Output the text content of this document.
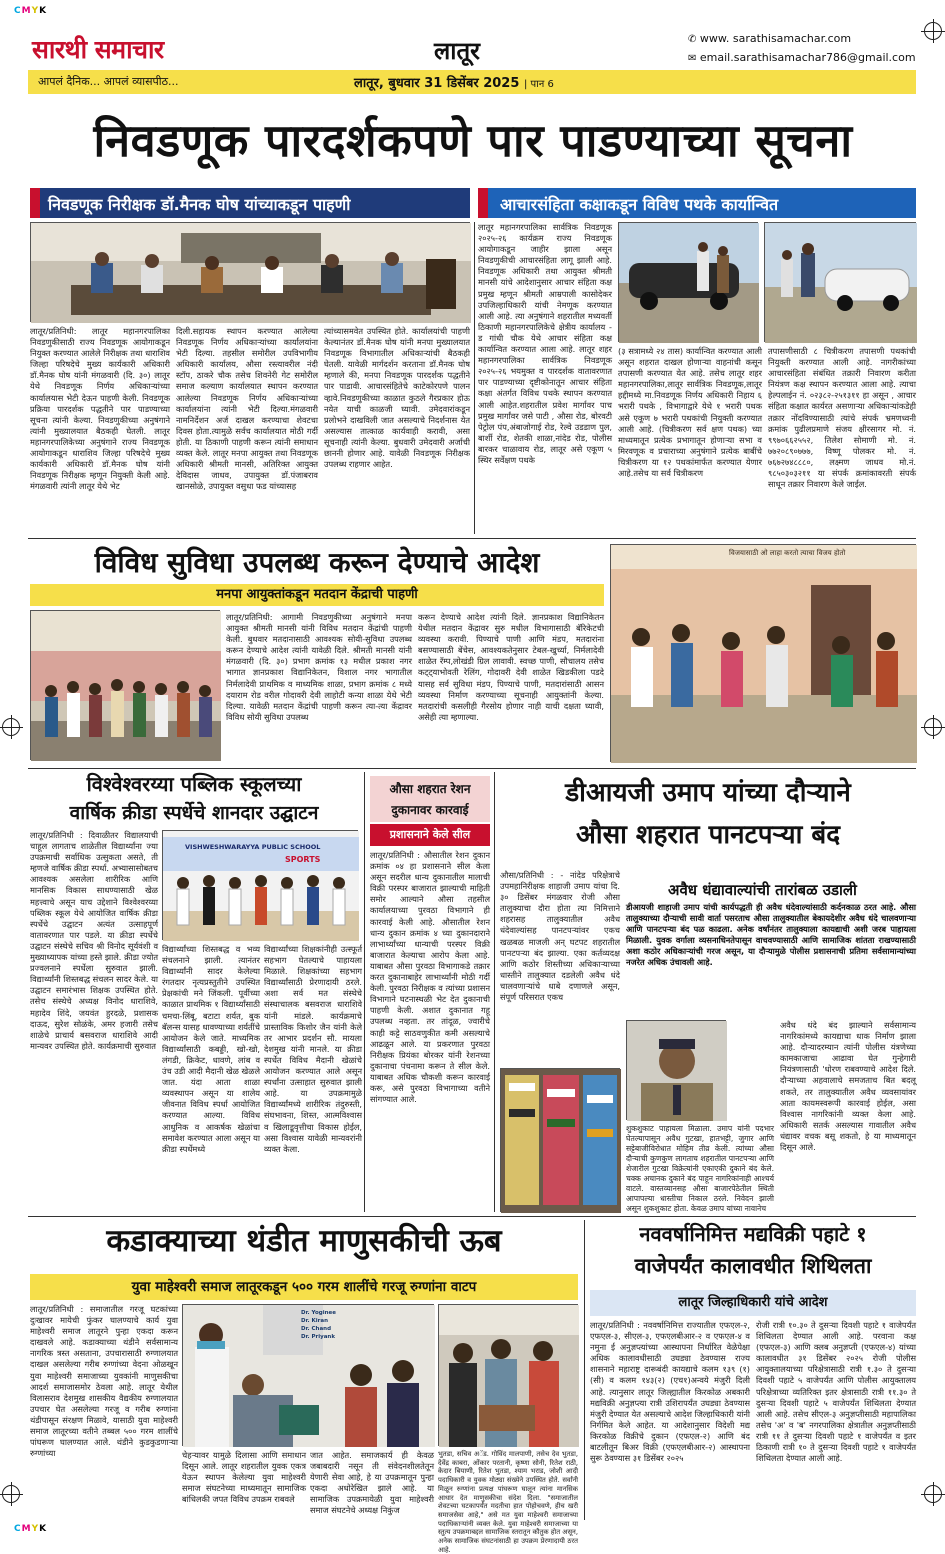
CMYK
CMYK
सारथी समाचार	लातूर	✆ www. sarathisamachar.com
✉ email.sarathisamachar786@gmail.com
आपलं दैनिक... आपलं व्यासपीठ...	लातूर, बुधवार 31 डिसेंबर 2025 | पान 6
निवडणूक पारदर्शकपणे पार पाडण्याच्या सूचना
निवडणूक निरीक्षक डॉ.मैनक घोष यांच्याकडून पाहणी	आचारसंहिता कक्षाकडून विविध पथके कार्यान्वित
लातूर/प्रतिनिधी: लातूर महानगरपालिका निवडणुकीसाठी राज्य निवडणूक आयोगाकडून नियुक्त करण्यात आलेले निरीक्षक तथा धाराशिव जिल्हा परिषदेचे मुख्य कार्यकारी अधिकारी डॉ.मैनक घोष यांनी मंगळवारी (दि. ३०) लातूर येथे निवडणूक निर्णय अधिकाऱ्यांच्या कार्यालयास भेटी देऊन पाहणी केली. निवडणूक प्रक्रिया पारदर्शक पद्धतीने पार पाडण्याच्या सूचना त्यांनी केल्या. निवडणुकीच्या अनुषंगाने त्यांनी मुख्यालयात बैठकही घेतली. लातूर महानगरपालिकेच्या अनुषंगाने राज्य निवडणूक आयोगाकडून धाराशिव जिल्हा परिषदेचे मुख्य कार्यकारी अधिकारी डॉ.मैनक घोष यांनी निवडणूक निरीक्षक म्हणून नियुक्ती केली आहे. मंगळवारी त्यांनी लातूर येथे भेट
दिली.सहायक स्थापन करण्यात आलेल्या निवडणूक निर्णय अधिकाऱ्यांच्या कार्यालयांना भेटी दिल्या. तहसील समोरील उपविभागीय अधिकारी कार्यालय, औसा रस्त्यावरील नंदी स्टॉप, ठाकरे चौक तसेच शिवनेरी गेट समोरील समाज कल्याण कार्यालयात स्थापन करण्यात आलेल्या निवडणूक निर्णय अधिकाऱ्यांच्या कार्यालयांना त्यांनी भेटी दिल्या.मंगळवारी नामनिर्देशन अर्ज दाखल करण्याचा शेवटचा दिवस होता.त्यामुळे सर्वच कार्यालयात मोठी गर्दी होती. या ठिकाणी पाहणी करून त्यांनी समाधान व्यक्त केले. लातूर मनपा आयुक्त तथा निवडणूक अधिकारी श्रीमती मानसी, अतिरिक्त आयुक्त देविदास जाधव, उपायुक्त डॉ.पंजाबराव खानसोळे, उपायुक्त वसुधा फड यांच्यासह
त्यांच्यासमवेत उपस्थित होते. कार्यालयांची पाहणी केल्यानंतर डॉ.मैनक घोष यांनी मनपा मुख्यालयात निवडणूक विभागातील अधिकाऱ्यांची बैठकही घेतली. यावेळी मार्गदर्शन करताना डॉ.मैनक घोष म्हणाले की, मनपा निवडणूक पारदर्शक पद्धतीने पार पाडावी. आचारसंहितेचे काटेकोरपणे पालन व्हावे.निवडणुकीच्या काळात कुठले गैरप्रकार होऊ नयेत याची काळजी घ्यावी. उमेदवारांकडून प्रलोभने दाखविली जात असल्याचे निदर्शनास येत असल्यास तात्काळ कार्यवाही करावी, असा सूचनाही त्यांनी केल्या. बुधवारी उमेदवारी अर्जाची छाननी होणार आहे. यावेळी निवडणूक निरीक्षक उपलब्ध राहणार आहेत.
लातूर महानगरपालिका सार्वत्रिक निवडणूक २०२५-२६ कार्यक्रम राज्य निवडणूक आयोगाकडून जाहीर झाला असून निवडणुकीची आचारसंहिता लागू झाली आहे. निवडणूक अधिकारी तथा आयुक्त श्रीमती मानसी यांचे आदेशानुसार आचार संहिता कक्ष प्रमुख म्हणून श्रीमती आम्रपाली कासोदेकर उपजिल्हाधिकारी यांची नेमणूक करण्यात आली आहे. त्या अनुषंगाने शहरातील मध्यवर्ती ठिकाणी महानगरपालिकेचे क्षेत्रीय कार्यालय - ड गांधी चौक येथे आचार संहिता कक्ष कार्यान्वित करण्यात आला आहे. लातूर शहर महानगरपालिका सार्वत्रिक निवडणूक २०२५-२६ भयमुक्त व पारदर्शक वातावरणात पार पाडण्याच्या दृष्टीकोनातून आचार संहिता कक्षा अंतर्गत विविध पथके स्थापन करण्यात आली आहेत.शहरातील प्रवेश मार्गावर पाच प्रमुख मार्गांवर जसे पाटी , औसा रोड, बोरवटी पेट्रोल पंप,अंबाजोगाई रोड, रेल्वे उडडाण पुल, बार्शी रोड, शेतकी शाळा,नांदेड रोड, पोलीस बारकर चाळावाय रोड, लातूर असे एकूण ५ स्थिर सर्वेक्षण पथके
(३ सत्रामध्ये २४ तास) कार्यान्वित करण्यात आली असून शहरात दाखल होणाऱ्या वाहनांची कसून तपासणी करण्यात येत आहे. तसेच लातूर शहर महानगरपालिका,लातूर सार्वत्रिक निवडणूक,लातूर हद्दीमध्ये मा.निवडणूक निर्णय अधिकारी निहाय ६ भरारी पथके , विभागाद्वारे येथे १ भरारी पथक असे एकूण ७ भरारी पथकांची नियुक्ती करण्यात आली आहे. (चित्रीकरण सर्व क्षण पथक) च्या माध्यमातून प्रत्येक प्रभागातून होणाऱ्या सभा व मिरवणूक व प्रचाराच्या अनुषंगाने प्रत्येक बाबींचे चित्रीकरण या १२ पथकांमार्फत करण्यात येणार आहे.तसेच या सर्व चित्रीकरण
तपासणीसाठी ८ चित्रीकरण तपासणी पथकांची नियुक्ती करण्यात आली आहे. नागरीकांच्या आचारसंहिता संबंधित तक्रारी निवारण करीता नियंत्रण कक्ष स्थापन करण्यात आला आहे. त्याचा हेल्पलाईन नं. ०२३८२-२५१३११ हा असून , आचार संहिता कक्षात कार्यरत असणाऱ्या अधिकाऱ्यांकडेही तक्रार नोंदविण्यासाठी त्यांचे संपर्क भ्रमणध्वनी क्रमांक पुढीलप्रमाणे संजय क्षीरसागर मो. नं. ९९७०६६२५५२, तिलेश सोमाणी मो. नं. ७७२०८९०७७७, विष्णू पोलकर मो. नं. ७६७२७४८८८०, लक्ष्मण जाधव मो.नं. ९८५०३०३२११ या संपर्क क्रमांकावरती संपर्क साधून तक्रार निवारण केले जाईल.
विविध सुविधा उपलब्ध करून देण्याचे आदेश
मनपा आयुक्तांकडून मतदान केंद्राची पाहणी
लातूर/प्रतिनिधी: आगामी निवडणुकीच्या अनुषंगाने मनपा आयुक्त श्रीमती मानसी यांनी विविध मतदान केंद्रांची पाहणी केली. बुधवार मतदानासाठी आवश्यक सोयी-सुविधा उपलब्ध करून देण्याचे आदेश त्यांनी यावेळी दिले. श्रीमती मानसी यांनी मंगळवारी (दि. ३०) प्रभाग क्रमांक १३ मधील प्रकाश नगर भागात ज्ञानप्रकाश विद्यानिकेतन, विशाल नगर भागातील निर्मलादेवी प्राथमिक व माध्यमिक शाळा, प्रभाग क्रमांक ८ मध्ये दयाराम रोड वरील गोदावरी देवी लाहोटी कन्या शाळा येथे भेटी दिल्या. यावेळी मतदान केंद्रांची पाहणी करून त्या-त्या केंद्रावर विविध सोयी सुविधा उपलब्ध
करून देण्याचे आदेश त्यांनी दिले. ज्ञानप्रकाश विद्यानिकेतन येथील मतदान केंद्रावर सुरु मधील विभागासाठी बॅरिकेटची व्यवस्था करावी. पिण्याचे पाणी आणि मंडप, मतदारांना बसण्यासाठी बेंचेस, आवश्यकतेनुसार टेबल-खुर्च्या, निर्मलादेवी शाळेत रॅम्प,लोखंडी ग्रिल लावावी. स्वच्छ पाणी, सौचालय तसेच कट्ट्याभोवती रेलिंग, गोदावरी देवी शाळेत खिडकीला पडदे यासह सर्व सुविधा मंडप, पिण्याचे पाणी, मतदारांसाठी आसन व्यवस्था निर्माण करण्याच्या सूचनाही आयुक्तांनी केल्या. मतदारांची कसलीही गैरसोय होणार नाही याची दक्षता घ्यावी, असेही त्या म्हणाल्या.
विजयासाठी ओ लाहा करतो त्याचा विजय होतो
विश्वेश्वरय्या पब्लिक स्कूलच्या
वार्षिक क्रीडा स्पर्धेचे शानदार उद्घाटन
लातूर/प्रतिनिधी : दिवाळीतर विद्यालयाची चाहूल लागताच शाळेतील विद्यार्थ्यांना ज्या उपक्रमाची सर्वाधिक उत्सुकता असते, ती म्हणजे वार्षिक क्रीडा स्पर्धा. अभ्यासासोबतच आवश्यक असलेला शारीरिक आणि मानसिक विकास साधण्यासाठी खेळ महत्त्वाचे असून याच उद्देशाने विश्वेश्वरय्या पब्लिक स्कूल येथे आयोजित वार्षिक क्रीडा स्पर्धेचे उद्घाटन अत्यंत उत्साहपूर्ण वातावरणात पार पडले. या क्रीडा स्पर्धेचे उद्घाटन संस्थेचे सचिव श्री विनोद सूर्यवंशी व मुख्याध्यापक यांच्या हस्ते झाले. क्रीडा ज्योत प्रज्वलनाने स्पर्धेला सुरुवात झाली. विद्यार्थ्यांनी शिस्तबद्ध संचलन सादर केले. या उद्घाटन समारंभास शिक्षक उपस्थित होते. तसेच संस्थेचे अध्यक्ष विनोद धाराशिवे, महादेव शिंदे, जयवंत हुरदळे, प्रशासक दाऊद, सुरेश सोळंके, अमर हजारी तसेच शाळेचे प्राचार्य बसवराज धाराशिवे आदी मान्यवर उपस्थित होते. कार्यक्रमाची सुरुवात
VISHWESHWARAYYA PUBLIC SCHOOL
SPORTS
विद्यार्थ्यांच्या शिस्तबद्ध व भव्य संचलनाने झाली. त्यानंतर विद्यार्थ्यांनी सादर केलेल्या रंगतदार नृत्यप्रस्तुतीने उपस्थित प्रेक्षकांची मने जिंकली. पूर्वीच्या काळात प्राथमिक १ विद्यार्थ्यांसाठी चमचा-लिंबू, बटाटा शर्यत, बुक बॅलन्स यासह धावण्याच्या शर्यतींचे आयोजन केले जाते. माध्यमिक विद्यार्थ्यांसाठी कबड्डी, खो-खो, लंगडी, क्रिकेट, धावणे, लांब व उंच उडी आदी मैदानी खेळ खेळले जात. यंदा आता शाळा व्यवस्थापन असून या शालेय जीवनात विविध स्पर्धा आयोजित करण्यात आल्या. विविध आधुनिक व आकर्षक खेळांचा समावेश करण्यात आला असून या क्रीडा स्पर्धेमध्ये
विद्यार्थ्यांच्या शिक्षकांनीही उत्स्फूर्त सहभाग घेतल्याचे पाहायला मिळाले. शिक्षकांच्या सहभाग विद्यार्थ्यांसाठी प्रेरणादायी ठरले. अशा सर्व मत संस्थेचे संस्थाचालक बसवराज धाराशिवे यांनी मांडले. कार्यक्रमाचे प्रास्ताविक किशोर जैन यांनी केले तर आभार प्रदर्शन सौ. मायला देशमुख यांनी मानले. या क्रीडा स्पर्धेत विविध मैदानी खेळांचे आयोजन करण्यात आले असून स्पर्धांना उत्साहात सुरुवात झाली आहे. या उपक्रमामुळे विद्यार्थ्यांमध्ये शारीरिक तंदुरुस्ती, संघभावना, शिस्त, आत्मविश्वास व खिलाडूवृत्तीचा विकास होईल, असा विश्वास यावेळी मान्यवरांनी व्यक्त केला.
औसा शहरात रेशन
दुकानावर कारवाई
प्रशासनाने केले सील
लातूर/प्रतिनिधी : औसातील रेशन दुकान क्रमांक ०४ हा प्रशासनाने सील केला असून सदरील धान्य दुकानातील मालाची विक्री परस्पर बाजारात झाल्याची माहिती समोर आल्याने औसा तहसील कार्यालयाच्या पुरवठा विभागाने ही कारवाई केली आहे. औसातील रेशन धान्य दुकान क्रमांक ४ च्या दुकानदाराने लाभार्थ्यांच्या धान्याची परस्पर विक्री बाजारात केल्याचा आरोप केला आहे. याबाबत औसा पुरवठा विभागाकडे तक्रार करत दुकानाबाहेर लाभार्थ्यांनी मोठी गर्दी केली. पुरवठा निरीक्षक व त्यांच्या प्रशासन विभागाने घटनास्थळी भेट देत दुकानाची पाहणी केली. अशात दुकानात गहू उपलब्ध नव्हता. तर तांदूळ, ज्वारीचे काही कट्टे साठवणुकीत कमी असल्याचे आढळून आले. या प्रकरणात पुरवठा निरीक्षक प्रियंका बोरकर यांनी रेशनच्या दुकानाचा पंचनामा करून ते सील केले. याबाबत अधिक चौकशी करून कारवाई करू, असे पुरवठा विभागाच्या वतीने सांगण्यात आले.
डीआयजी उमाप यांच्या दौऱ्याने
औसा शहरात पानटपऱ्या बंद
औसा/प्रतिनिधी : - नांदेड परिक्षेत्राचे उपमहानिरीक्षक शाहाजी उमाप यांचा दि. ३० डिसेंबर मंगळवार रोजी औसा तालुक्याचा दौरा होता त्या निमित्ताने शहरासह तालुक्यातील अवैध धंदेवाल्यांसह पानटपऱ्यांवर एकच खळबळ माजली अन् घटपट शहरातील पानटपऱ्या बंद झाल्या. एका कर्तव्यदक्ष आणि कठोर शिस्तीच्या अधिकाऱ्याच्या धास्तीने तालुक्यात दडलेली अवैध धंदे चालवणाऱ्यांचे धाबे दणाणले असून, संपूर्ण परिसरात एकच
अवैध धंद्यावाल्यांची तारांबळ उडाली
डीआयजी शाहाजी उमाप यांची कार्यपद्धती ही अवैध धंदेवाल्यांसाठी कर्दनकाळ ठरत आहे. औसा तालुक्याच्या दौऱ्याची सावी वार्ता पसरताच औसा तालुक्यातील बेकायदेशीर अवैध धंदे चालवणाऱ्या आणि पानटपऱ्या बंद पळ काढला. अनेक वर्षांनंतर तालुक्याला कायद्याची अशी जरब पाहायला मिळाली. युवक वर्गाला व्यसनाधिनतेपासून वाचवण्यासाठी आणि सामाजिक शांतता राखण्यासाठी अशा कठोर अधिकाऱ्यांची गरज असून, या दौऱ्यामुळे पोलीस प्रशासनाची प्रतिमा सर्वसामान्यांच्या नजरेत अधिक उंचावली आहे.
शुकशुकाट पाहायला मिळाला. उमाप यांनी पदभार घेतल्यापासून अवैध गुटखा, हातभट्टी, जुगार आणि सट्टेबाजीविरोधात मोहिम तीव्र केली. त्यांच्या औसा दौऱ्याची कुणकुण लागताच शहरातील पानटपऱ्या आणि शेजारील गुटखा विक्रेत्यांनी एकाएकी दुकाने बंद केले. चक्क अचानक दुकाने बंद पाहून नागरिकांनाही आश्चर्य वाटले. वास्तव्यानसह औसा बाजारपेठेतील स्थिती आपापल्या धास्तीचा निकाल ठरले. निवेदन झाली असून शुकशुकाट होता. केवळ उमाप यांच्या नावानेच
अवैध धंदे बंद झाल्याने सर्वसामान्य नागरिकांमध्ये कायद्याचा धाक निर्माण झाला आहे. दौऱ्यादरम्यान त्यांनी पोलीस यंत्रणेच्या कामकाजाचा आढावा घेत गुन्हेगारी नियंत्रणासाठी 'धोरण राबवण्याचे आदेश दिले. दौऱ्याच्या अहवालाचे समजताच बित बदलू शकते, तर तालुक्यातील अवैध व्यवसायांवर आता कायमस्वरूपी कारवाई होईल, असा विश्वास नागरिकांनी व्यक्त केला आहे. अधिकारी सतर्क असल्यास गावातील अवैध धंद्यावर वचक बसू शकतो, हे या माध्यमातून दिसून आले.
कडाक्याच्या थंडीत माणुसकीची ऊब
युवा माहेश्वरी समाज लातूरकडून ५०० गरम शालींचे गरजू रुग्णांना वाटप
लातूर/प्रतिनिधी : समाजातील गरजू घटकांच्या दुःखावर मायेची फुंकर घालण्याचे कार्य युवा माहेश्वरी समाज लातूरने पुन्हा एकदा करून दाखवले आहे. कडाक्याच्या थंडीने सर्वसामान्य नागरिक त्रस्त असताना, उपचारासाठी रुग्णालयात दाखल असलेल्या गरीब रुग्णांच्या वेदना ओळखून युवा माहेश्वरी समाजाच्या युवकांनी माणुसकीचा आदर्श समाजासमोर ठेवला आहे. लातूर येथील विलासराव देशमुख शासकीय वैद्यकीय रुग्णालयात उपचार घेत असलेल्या गरजू व गरीब रुग्णांना थंडीपासून संरक्षण मिळावे, यासाठी युवा माहेश्वरी समाज लातूरच्या वतीने तब्बल ५०० गरम शालींचे पांघरूण घालण्यात आले. थंडीने कुडकुडणाऱ्या रुग्णांच्या
Dr. Yoginee
Dr. Kiran
Dr. Chand
Dr. Priyank
चेहऱ्यावर यामुळे दिलासा आणि समाधान दिसून आले. लातूर शहरातील युवक एकत्र येऊन स्थापन केलेल्या युवा माहेश्वरी समाज संघटनेच्या माध्यमातून सामाजिक बांधिलकी जपत विविध उपक्रम राबवले
जात आहेत. समाजकार्य ही केवळ जबाबदारी नसून ती संवेदनशीलतेतून येणारी सेवा आहे, हे या उपक्रमातून पुन्हा एकदा अधोरेखित झाले आहे. या सामाजिक उपक्रमायेळी युवा माहेश्वरी समाज संघटनेचे अध्यक्ष निकुंज
भुतडा, सचिव अॅड. गोविंद मालपाणी, तसेच देव भुतडा, देवेंद्र काबरा, ओंकार परतानी, कृष्णा सोनी, रितेश राठी, केदार बियाणी, रितेश भुतडा, श्याम भराड, जोशी आदी पदाधिकारी व युवक मोठ्या संख्येने उपस्थित होते. सर्वांनी मिळून रुग्णांना प्रत्यक्ष पांघरूण घालून त्यांना मानसिक आधार देत माणुसकीचा संदेश दिला. "समाजातील शेवटच्या घटकापर्यंत मदतीचा हात पोहोचवणे, हीच खरी समाजसेवा आहे," असे मत युवा माहेश्वरी समाजाच्या पदाधिकाऱ्यांनी व्यक्त केले. युवा माहेश्वरी समाजाच्या या स्तुत्य उपक्रमाबद्दल सामाजिक स्तरातून कौतुक होत असून, अनेक सामाजिक संघटनांसाठी हा उपक्रम प्रेरणादायी ठरत आहे.
नववर्षानिमित्त मद्यविक्री पहाटे १
वाजेपर्यंत कालावधीत शिथिलता
लातूर जिल्हाधिकारी यांचे आदेश
लातूर/प्रतिनिधी : नववर्षानिमित्त राज्यातील एफएल-२, एफएल-३, सीएल-३, एफएलबीआर-२ व एफएल-४ व नमुना ई अनुज्ञप्त्यांच्या आस्थापना निर्धारित वेळेपेक्षा अधिक कालावधीसाठी उघड्या ठेवण्यास राज्य शासनाने महाराष्ट्र दारूबंदी कायद्याचे कलम १३९ (१) (सी) व कलम १४३(२) (एच१)अन्वये मंजुरी दिली आहे. त्यानुसार लातूर जिल्ह्यातील किरकोळ अबकारी मद्यविक्री अनुज्ञप्त्या रात्री उशिरापर्यंत उघड्या ठेवण्यास मंजुरी देण्यात येत असल्याचे आदेश जिल्हाधिकारी यांनी निर्गमित केले आहेत. या आदेशानुसार विदेशी मद्य किरकोळ विक्रीचे दुकान (एफएल-२) आणि बंद बाटलीतून बिअर विक्री (एफएलबीआर-२) आस्थापना सुरू ठेवण्यास ३१ डिसेंबर २०२५
रोजी रात्री १०.३० ते दुसऱ्या दिवशी पहाटे १ वाजेपर्यंत शिथिलता देण्यात आली आहे. परवाना कक्ष (एफएल-३) आणि क्लब अनुज्ञप्ती (एफएल-४) यांच्या कालावधीत ३१ डिसेंबर २०२५ रोजी पोलीस आयुक्तालयाच्या परिक्षेत्रासाठी रात्री १.३० ते दुसऱ्या दिवशी पहाटे ५ वाजेपर्यंत आणि पोलीस आयुक्तालय परिक्षेत्राच्या व्यतिरिक्त इतर क्षेत्रासाठी रात्री ११.३० ते दुसऱ्या दिवशी पहाटे ५ वाजेपर्यंत शिथिलता देण्यात आली आहे. तसेच सीएल-३ अनुज्ञप्तीसाठी महापालिका तसेच 'अ' व 'ब' नगरपालिका क्षेत्रातील अनुज्ञप्तीसाठी रात्री ११ ते दुसऱ्या दिवशी पहाटे १ वाजेपर्यंत व इतर ठिकाणी रात्री १० ते दुसऱ्या दिवशी पहाटे १ वाजेपर्यंत शिथिलता देण्यात आली आहे.
